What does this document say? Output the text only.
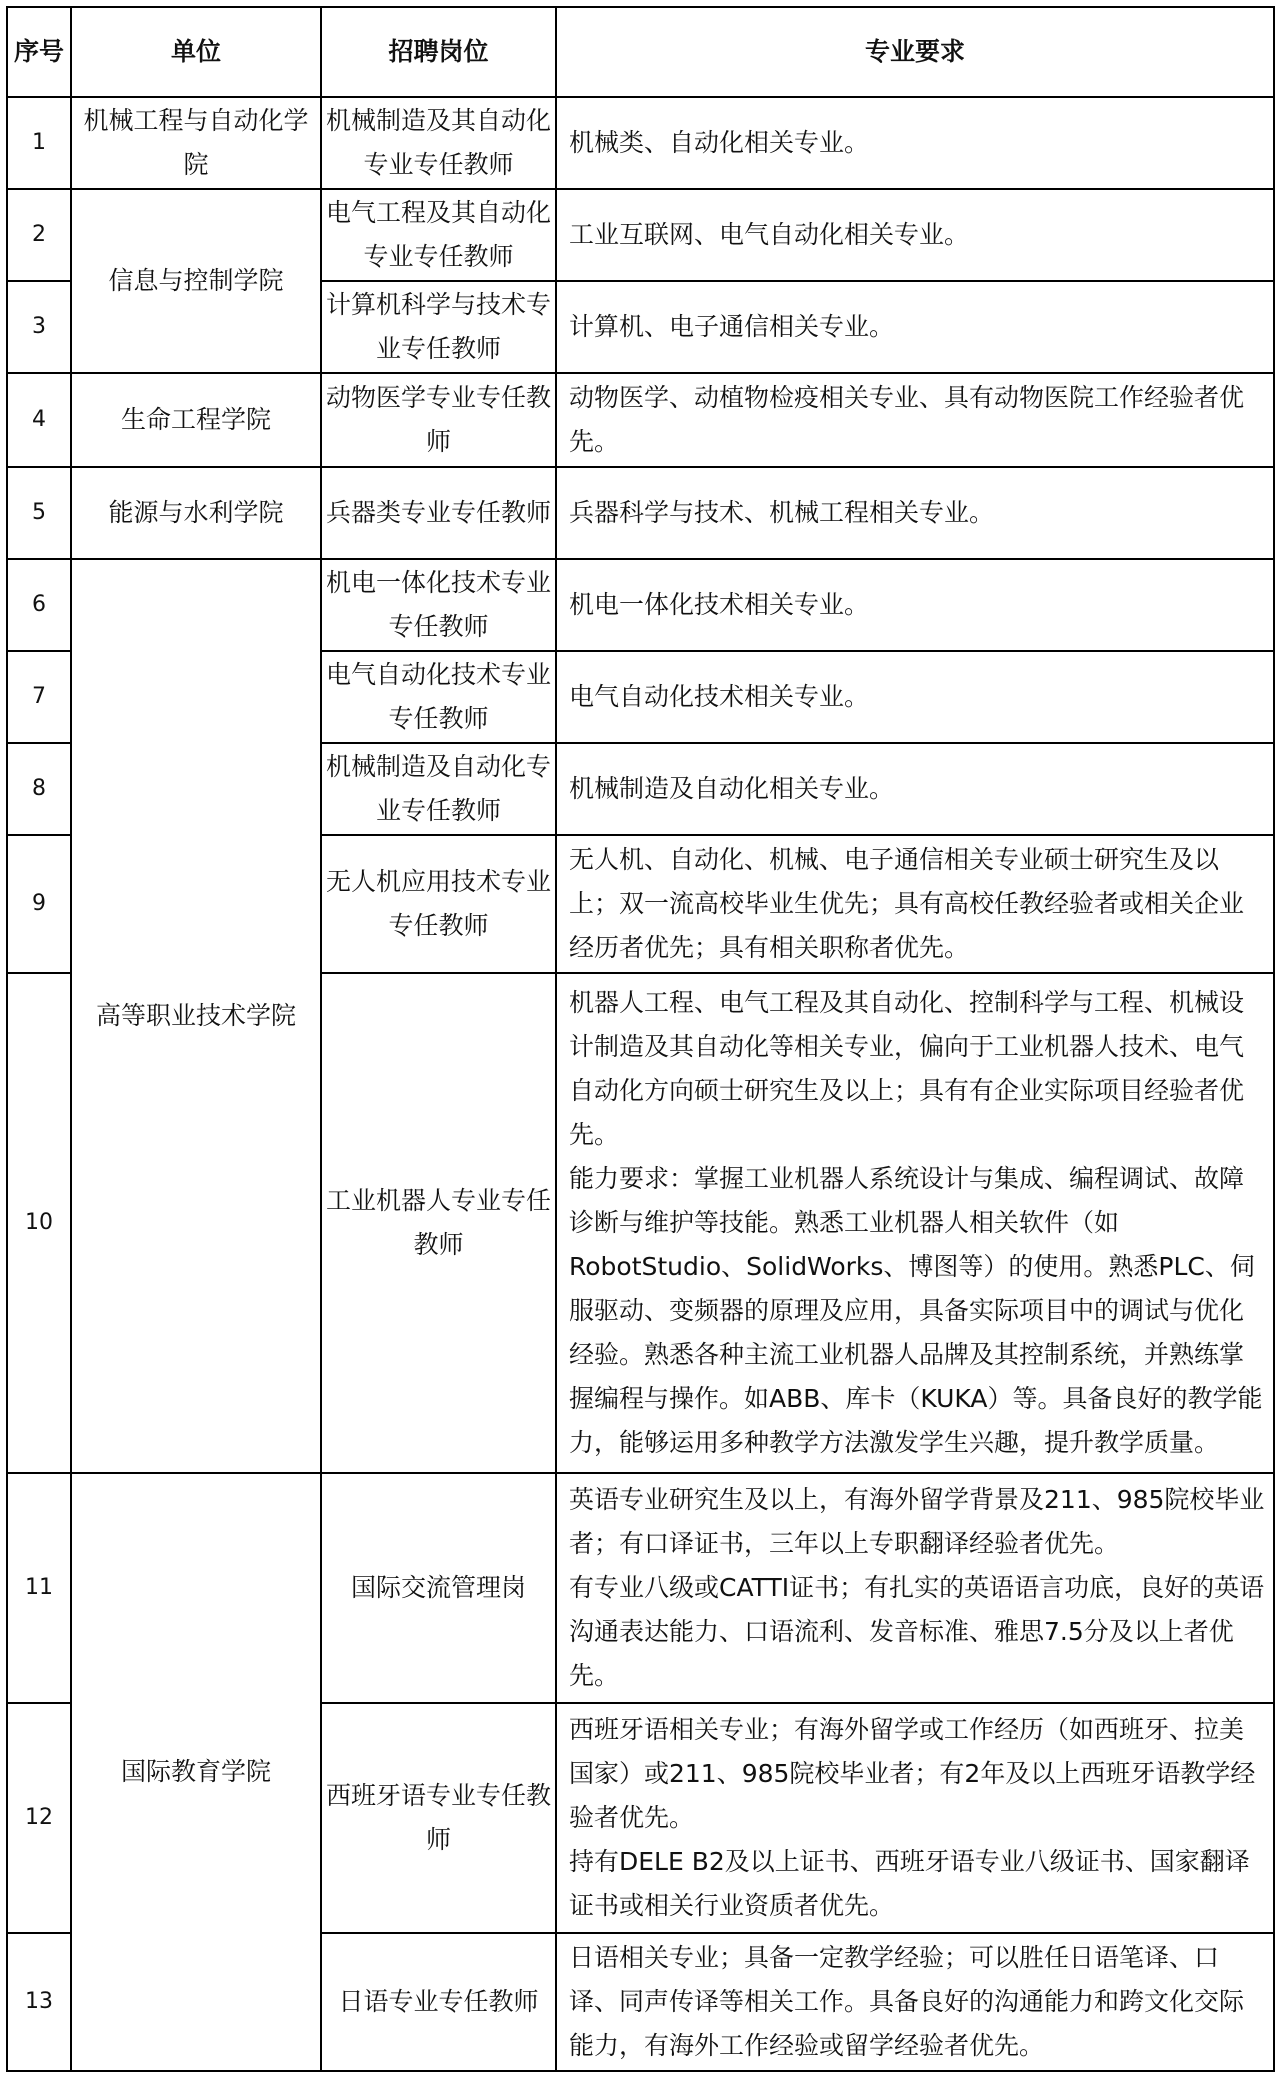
序号	单位	招聘岗位	专业要求
1	机械工程与自动化学院	机械制造及其自动化专业专任教师	机械类、自动化相关专业。

2	信息与控制学院	电气工程及其自动化专业专任教师	工业互联网、电气自动化相关专业。

3		计算机科学与技术专业专任教师	计算机、电子通信相关专业。

4	生命工程学院	动物医学专业专任教师	动物医学、动植物检疫相关专业、具有动物医院工作经验者优先。

5	能源与水利学院	兵器类专业专任教师	兵器科学与技术、机械工程相关专业。

6	高等职业技术学院	机电一体化技术专业专任教师	机电一体化技术相关专业。

7		电气自动化技术专业专任教师	电气自动化技术相关专业。

8		机械制造及自动化专业专任教师	机械制造及自动化相关专业。

9		无人机应用技术专业专任教师	无人机、自动化、机械、电子通信相关专业硕士研究生及以上；双一流高校毕业生优先；具有高校任教经验者或相关企业经历者优先；具有相关职称者优先。

10		工业机器人专业专任教师	机器人工程、电气工程及其自动化、控制科学与工程、机械设计制造及其自动化等相关专业，偏向于工业机器人技术、电气自动化方向硕士研究生及以上；具有有企业实际项目经验者优先。
能力要求：掌握工业机器人系统设计与集成、编程调试、故障诊断与维护等技能。熟悉工业机器人相关软件（如RobotStudio、SolidWorks、博图等）的使用。熟悉PLC、伺服驱动、变频器的原理及应用，具备实际项目中的调试与优化经验。熟悉各种主流工业机器人品牌及其控制系统，并熟练掌握编程与操作。如ABB、库卡（KUKA）等。具备良好的教学能力，能够运用多种教学方法激发学生兴趣，提升教学质量。

11	国际教育学院	国际交流管理岗	英语专业研究生及以上，有海外留学背景及211、985院校毕业者；有口译证书，三年以上专职翻译经验者优先。
有专业八级或CATTI证书；有扎实的英语语言功底，良好的英语沟通表达能力、口语流利、发音标准、雅思7.5分及以上者优先。

12		西班牙语专业专任教师	西班牙语相关专业；有海外留学或工作经历（如西班牙、拉美国家）或211、985院校毕业者；有2年及以上西班牙语教学经验者优先。
持有DELE B2及以上证书、西班牙语专业八级证书、国家翻译证书或相关行业资质者优先。

13		日语专业专任教师	日语相关专业；具备一定教学经验；可以胜任日语笔译、口译、同声传译等相关工作。具备良好的沟通能力和跨文化交际能力，有海外工作经验或留学经验者优先。
